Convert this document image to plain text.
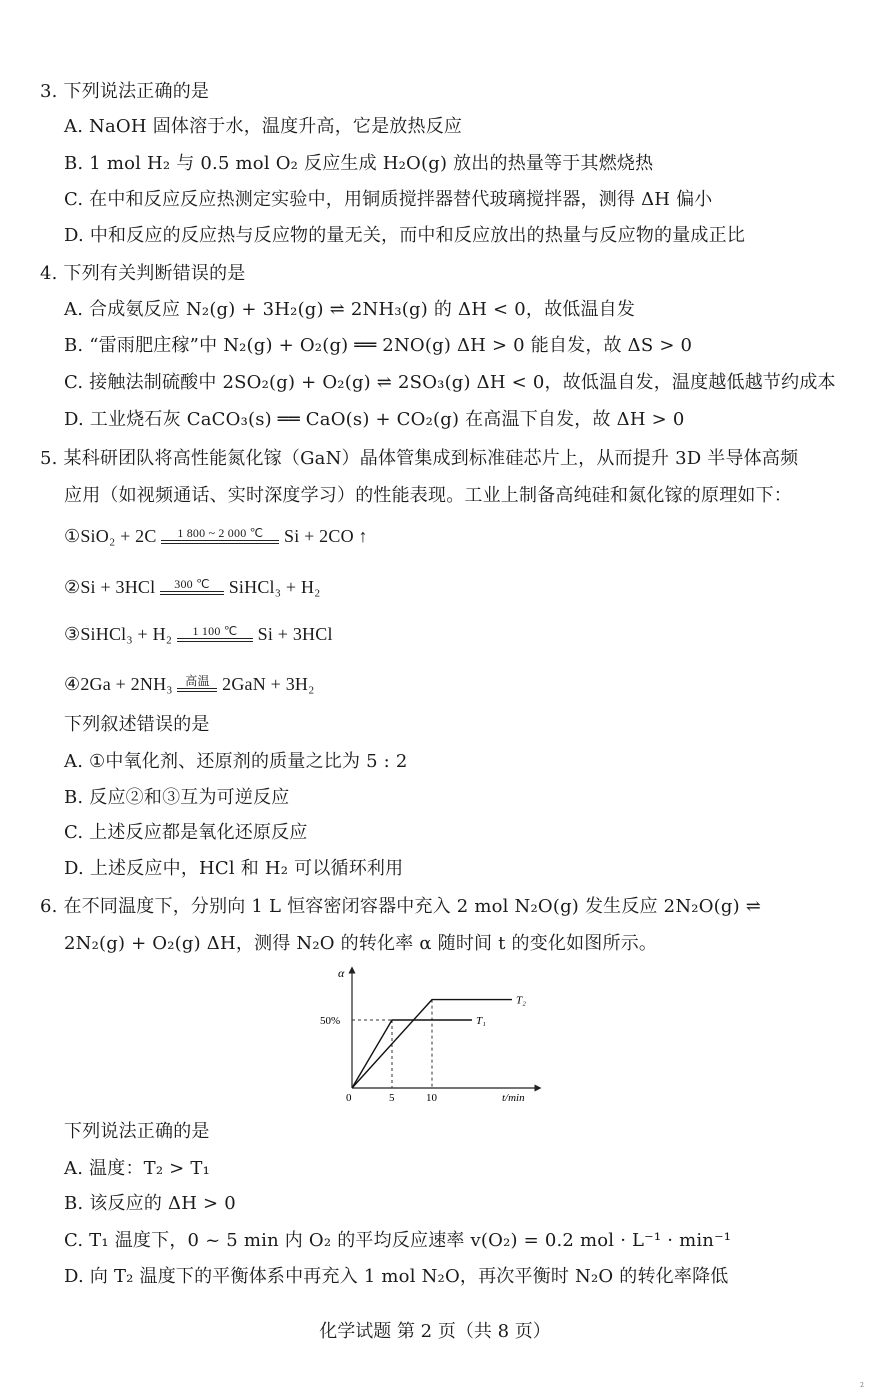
3. 下列说法正确的是
A. NaOH 固体溶于水，温度升高，它是放热反应
B. 1 mol H₂ 与 0.5 mol O₂ 反应生成 H₂O(g) 放出的热量等于其燃烧热
C. 在中和反应反应热测定实验中，用铜质搅拌器替代玻璃搅拌器，测得 ΔH 偏小
D. 中和反应的反应热与反应物的量无关，而中和反应放出的热量与反应物的量成正比
4. 下列有关判断错误的是
A. 合成氨反应 N₂(g) + 3H₂(g) ⇌ 2NH₃(g) 的 ΔH < 0，故低温自发
B. “雷雨肥庄稼”中 N₂(g) + O₂(g) ══ 2NO(g) ΔH > 0 能自发，故 ΔS > 0
C. 接触法制硫酸中 2SO₂(g) + O₂(g) ⇌ 2SO₃(g) ΔH < 0，故低温自发，温度越低越节约成本
D. 工业烧石灰 CaCO₃(s) ══ CaO(s) + CO₂(g) 在高温下自发，故 ΔH > 0
5. 某科研团队将高性能氮化镓（GaN）晶体管集成到标准硅芯片上，从而提升 3D 半导体高频
应用（如视频通话、实时深度学习）的性能表现。工业上制备高纯硅和氮化镓的原理如下：
①SiO₂ + 2C	1 800 ~ 2 000 ℃	Si + 2CO ↑
②Si + 3HCl	300 ℃	SiHCl₃ + H₂
③SiHCl₃ + H₂	1 100 ℃	Si + 3HCl
④2Ga + 2NH₃	高温 2GaN + 3H₂
下列叙述错误的是
A. ①中氧化剂、还原剂的质量之比为 5 : 2
B. 反应②和③互为可逆反应
C. 上述反应都是氧化还原反应
D. 上述反应中，HCl 和 H₂ 可以循环利用
6. 在不同温度下，分别向 1 L 恒容密闭容器中充入 2 mol N₂O(g) 发生反应 2N₂O(g) ⇌
2N₂(g) + O₂(g) ΔH，测得 N₂O 的转化率 α 随时间 t 的变化如图所示。
T₁
T₂
α
50%
0	5	10	t/min
下列说法正确的是
A. 温度：T₂ > T₁
B. 该反应的 ΔH > 0
C. T₁ 温度下，0 ~ 5 min 内 O₂ 的平均反应速率 v(O₂) = 0.2 mol · L⁻¹ · min⁻¹
D. 向 T₂ 温度下的平衡体系中再充入 1 mol N₂O，再次平衡时 N₂O 的转化率降低
化学试题 第 2 页（共 8 页）
2
